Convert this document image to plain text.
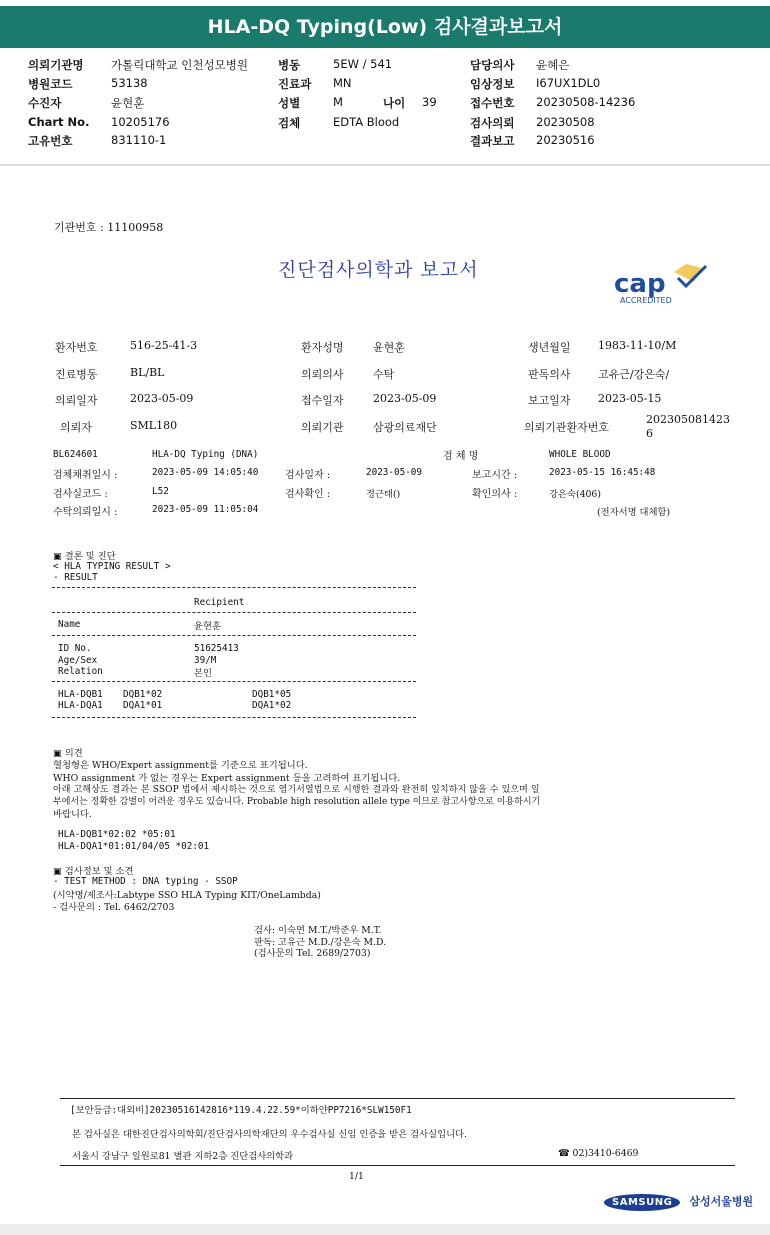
HLA-DQ Typing(Low) 검사결과보고서
의뢰기관명 가톨릭대학교 인천성모병원	병동	5EW / 541	담당의사 윤혜은
병원코드	53138	진료과 MN	임상정보 I67UX1DL0
수진자	윤현훈	성별	M	나이 39	접수번호 20230508-14236
Chart No. 10205176	검체	EDTA Blood	검사의뢰 20230508
고유번호	831110-1	결과보고 20230516
기관번호 : 11100958
진단검사의학과 보고서	cap
ACCREDITED
환자번호	516-25-41-3	환자성명	윤현훈	생년월일 1983-11-10/M
진료병동	BL/BL	의뢰의사	수탁	판독의사 고유근/강은숙/
의뢰일자	2023-05-09	접수일자	2023-05-09	보고일자 2023-05-15
의뢰자	SML180	의뢰기관	삼광의료재단	의뢰기관환자번호
202305081423
6
BL624601	HLA-DQ Typing (DNA)	검 체 명	WHOLE BLOOD
검체채취일시 :	2023-05-09 14:05:40	검사일자 :	2023-05-09	보고시간 :	2023-05-15 16:45:48
검사실코드 :	L52	검사확인 :	정근태()	확인의사 :	강은숙(406)
수탁의뢰일시 :	2023-05-09 11:05:04	(전자서명 대체함)
▣ 결론 및 진단
< HLA TYPING RESULT >
- RESULT
Recipient
Name	윤현훈
ID No.	51625413
Age/Sex	39/M
Relation	본인
HLA-DQB1 DQB1*02	DQB1*05
HLA-DQA1 DQA1*01	DQA1*02
▣ 의견
혈청형은 WHO/Expert assignment를 기준으로 표기됩니다.
WHO assignment 가 없는 경우는 Expert assignment 등을 고려하여 표기됩니다.
아래 고해상도 결과는 본 SSOP 법에서 제시하는 것으로 염기서열법으로 시행한 결과와 완전히 일치하지 않을 수 있으며 일
부에서는 정확한 감별이 어려운 경우도 있습니다. Probable high resolution allele type 이므로 참고사항으로 이용하시기
바랍니다.
HLA-DQB1*02:02 *05:01
HLA-DQA1*01:01/04/05 *02:01
▣ 검사정보 및 소견
- TEST METHOD : DNA typing - SSOP
(시약명/제조사:Labtype SSO HLA Typing KIT/OneLambda)
- 검사문의 : Tel. 6462/2703
검사: 이숙연 M.T./박준우 M.T.
판독: 고유근 M.D./강은숙 M.D.
(검사문의 Tel. 2689/2703)
[보안등급:대외비]20230516142816*119.4.22.59*이하얀PP7216*SLW150F1
본 검사실은 대한진단검사의학회/진단검사의학재단의 우수검사실 신임 인증을 받은 검사실입니다.
서울시 강남구 일원로81 별관 지하2층 진단검사의학과	☎ 02)3410-6469
1/1
SAMSUNG 삼성서울병원
